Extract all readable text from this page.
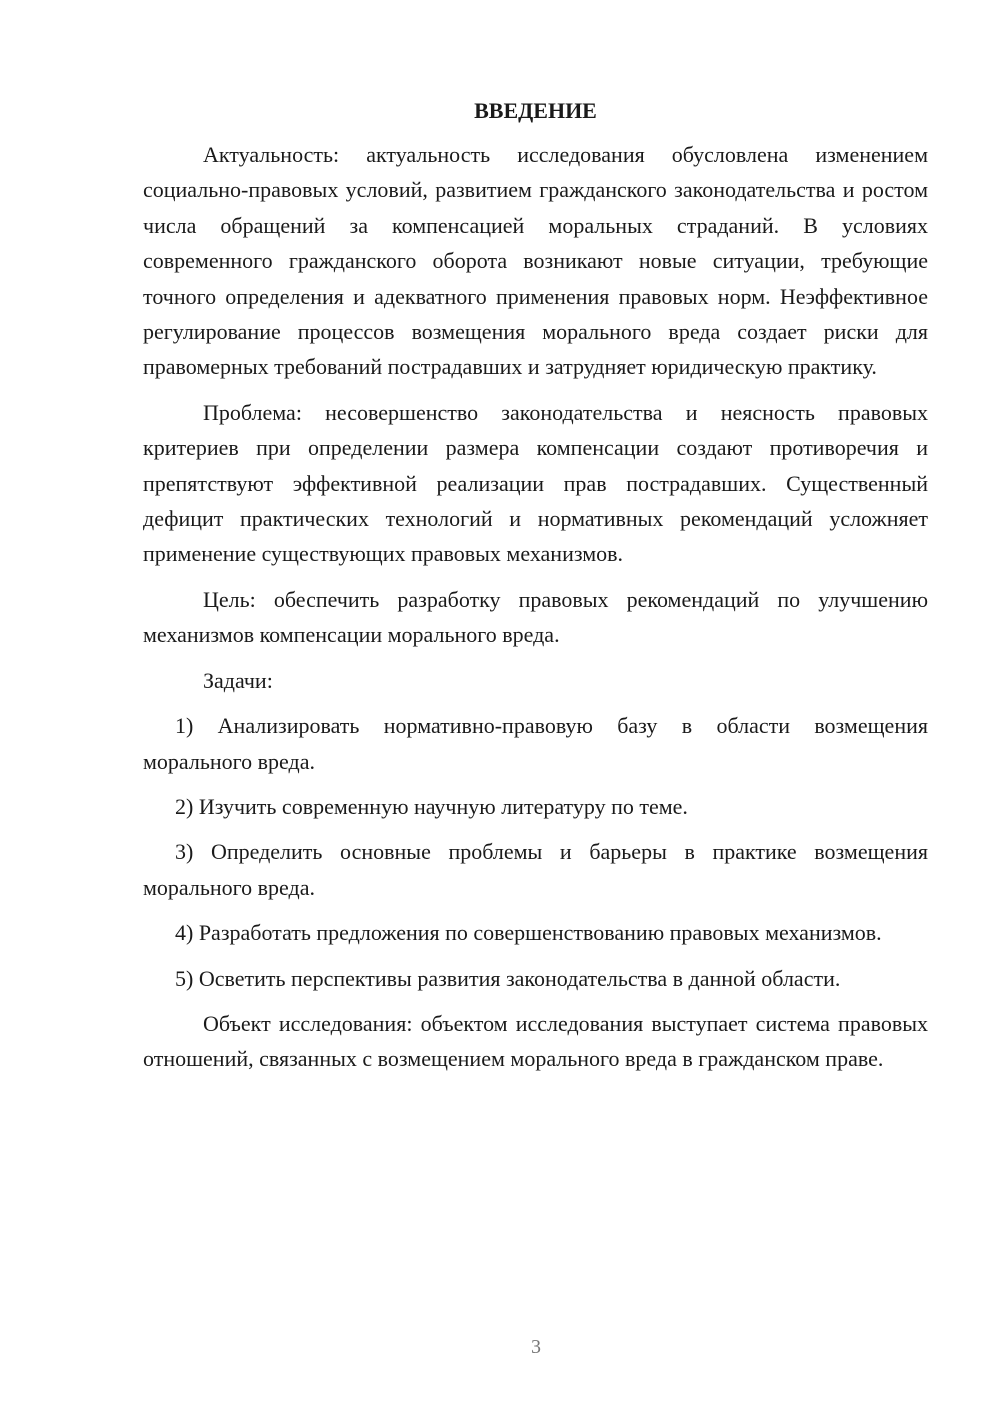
ВВЕДЕНИЕ

Актуальность: актуальность исследования обусловлена изменением социально-правовых условий, развитием гражданского законодательства и ростом числа обращений за компенсацией моральных страданий. В условиях современного гражданского оборота возникают новые ситуации, требующие точного определения и адекватного применения правовых норм. Неэффективное регулирование процессов возмещения морального вреда создает риски для правомерных требований пострадавших и затрудняет юридическую практику.

Проблема: несовершенство законодательства и неясность правовых критериев при определении размера компенсации создают противоречия и препятствуют эффективной реализации прав пострадавших. Существенный дефицит практических технологий и нормативных рекомендаций усложняет применение существующих правовых механизмов.

Цель: обеспечить разработку правовых рекомендаций по улучшению механизмов компенсации морального вреда.

Задачи:

1) Анализировать нормативно-правовую базу в области возмещения морального вреда.

2) Изучить современную научную литературу по теме.

3) Определить основные проблемы и барьеры в практике возмещения морального вреда.

4) Разработать предложения по совершенствованию правовых механизмов.

5) Осветить перспективы развития законодательства в данной области.

Объект исследования: объектом исследования выступает система правовых отношений, связанных с возмещением морального вреда в гражданском праве.

3
